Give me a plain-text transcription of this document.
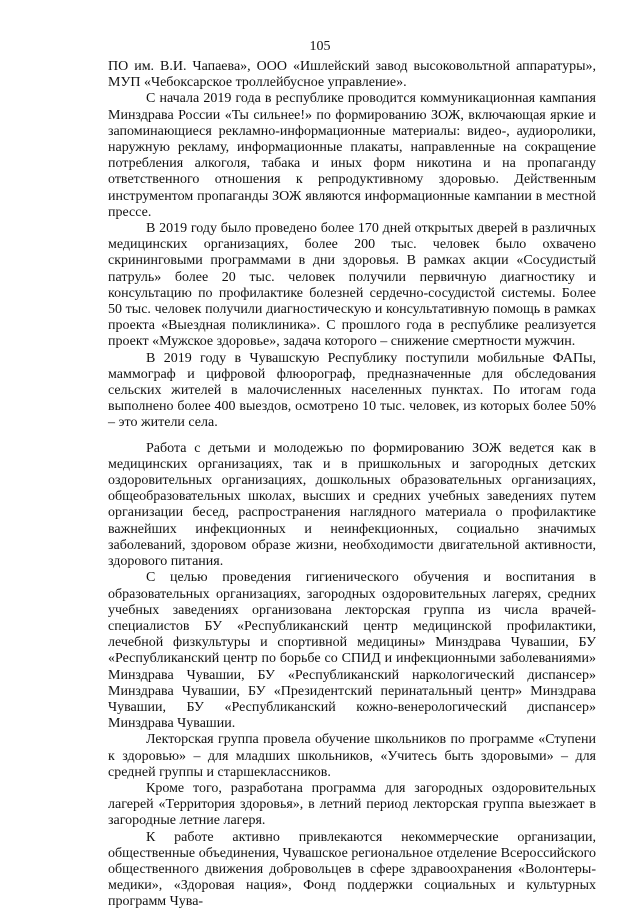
105

ПО им. В.И. Чапаева», ООО «Ишлейский завод высоковольтной аппаратуры», МУП «Чебоксарское троллейбусное управление».

С начала 2019 года в республике проводится коммуникационная кампания Минздрава России «Ты сильнее!» по формированию ЗОЖ, включающая яркие и запоминающиеся рекламно-информационные материалы: видео-, аудиоролики, наружную рекламу, информационные плакаты, направленные на сокращение потребления алкоголя, табака и иных форм никотина и на пропаганду ответственного отношения к репродуктивному здоровью. Действенным инструментом пропаганды ЗОЖ являются информационные кампании в местной прессе.

В 2019 году было проведено более 170 дней открытых дверей в различных медицинских организациях, более 200 тыс. человек было охвачено скрининговыми программами в дни здоровья. В рамках акции «Сосудистый патруль» более 20 тыс. человек получили первичную диагностику и консультацию по профилактике болезней сердечно-сосудистой системы. Более 50 тыс. человек получили диагностическую и консультативную помощь в рамках проекта «Выездная поликлиника». С прошлого года в республике реализуется проект «Мужское здоровье», задача которого – снижение смертности мужчин.

В 2019 году в Чувашскую Республику поступили мобильные ФАПы, маммограф и цифровой флюорограф, предназначенные для обследования сельских жителей в малочисленных населенных пунктах. По итогам года выполнено более 400 выездов, осмотрено 10 тыс. человек, из которых более 50% – это жители села.

Работа с детьми и молодежью по формированию ЗОЖ ведется как в медицинских организациях, так и в пришкольных и загородных детских оздоровительных организациях, дошкольных образовательных организациях, общеобразовательных школах, высших и средних учебных заведениях путем организации бесед, распространения наглядного материала о профилактике важнейших инфекционных и неинфекционных, социально значимых заболеваний, здоровом образе жизни, необходимости двигательной активности, здорового питания.

С целью проведения гигиенического обучения и воспитания в образовательных организациях, загородных оздоровительных лагерях, средних учебных заведениях организована лекторская группа из числа врачей-специалистов БУ «Республиканский центр медицинской профилактики, лечебной физкультуры и спортивной медицины» Минздрава Чувашии, БУ «Республиканский центр по борьбе со СПИД и инфекционными заболеваниями» Минздрава Чувашии, БУ «Республиканский наркологический диспансер» Минздрава Чувашии, БУ «Президентский перинатальный центр» Минздрава Чувашии, БУ «Республиканский кожно-венерологический диспансер» Минздрава Чувашии.

Лекторская группа провела обучение школьников по программе «Ступени к здоровью» – для младших школьников, «Учитесь быть здоровыми» – для средней группы и старшеклассников.

Кроме того, разработана программа для загородных оздоровительных лагерей «Территория здоровья», в летний период лекторская группа выезжает в загородные летние лагеря.

К работе активно привлекаются некоммерческие организации, общественные объединения, Чувашское региональное отделение Всероссийского общественного движения добровольцев в сфере здравоохранения «Волонтеры-медики», «Здоровая нация», Фонд поддержки социальных и культурных программ Чува-
